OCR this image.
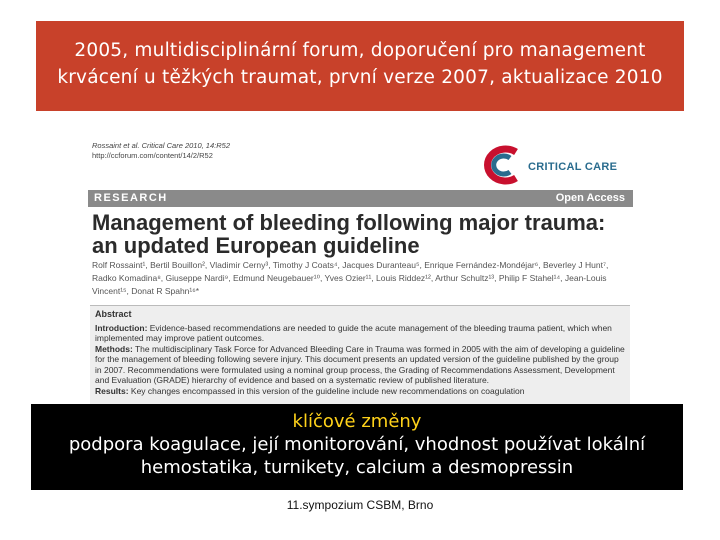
2005, multidisciplinární forum, doporučení pro management
krvácení u těžkých traumat, první verze 2007, aktualizace 2010
Rossaint et al. Critical Care 2010, 14:R52
http://ccforum.com/content/14/2/R52
CRITICAL CARE
RESEARCH	Open Access
Management of bleeding following major trauma:
an updated European guideline
Rolf Rossaint¹, Bertil Bouillon², Vladimir Cerny³, Timothy J Coats⁴, Jacques Duranteau⁵, Enrique Fernández-Mondéjar⁶, Beverley J Hunt⁷, Radko Komadina⁸, Giuseppe Nardi⁹, Edmund Neugebauer¹⁰, Yves Ozier¹¹, Louis Riddez¹², Arthur Schultz¹³, Philip F Stahel¹⁴, Jean-Louis Vincent¹⁵, Donat R Spahn¹⁶*
Abstract
Introduction: Evidence-based recommendations are needed to guide the acute management of the bleeding trauma patient, which when implemented may improve patient outcomes.
Methods: The multidisciplinary Task Force for Advanced Bleeding Care in Trauma was formed in 2005 with the aim of developing a guideline for the management of bleeding following severe injury. This document presents an updated version of the guideline published by the group in 2007. Recommendations were formulated using a nominal group process, the Grading of Recommendations Assessment, Development and Evaluation (GRADE) hierarchy of evidence and based on a systematic review of published literature.
Results: Key changes encompassed in this version of the guideline include new recommendations on coagulation
klíčové změny
podpora koagulace, její monitorování, vhodnost používat lokální
hemostatika, turnikety, calcium a desmopressin
11.sympozium CSBM, Brno
